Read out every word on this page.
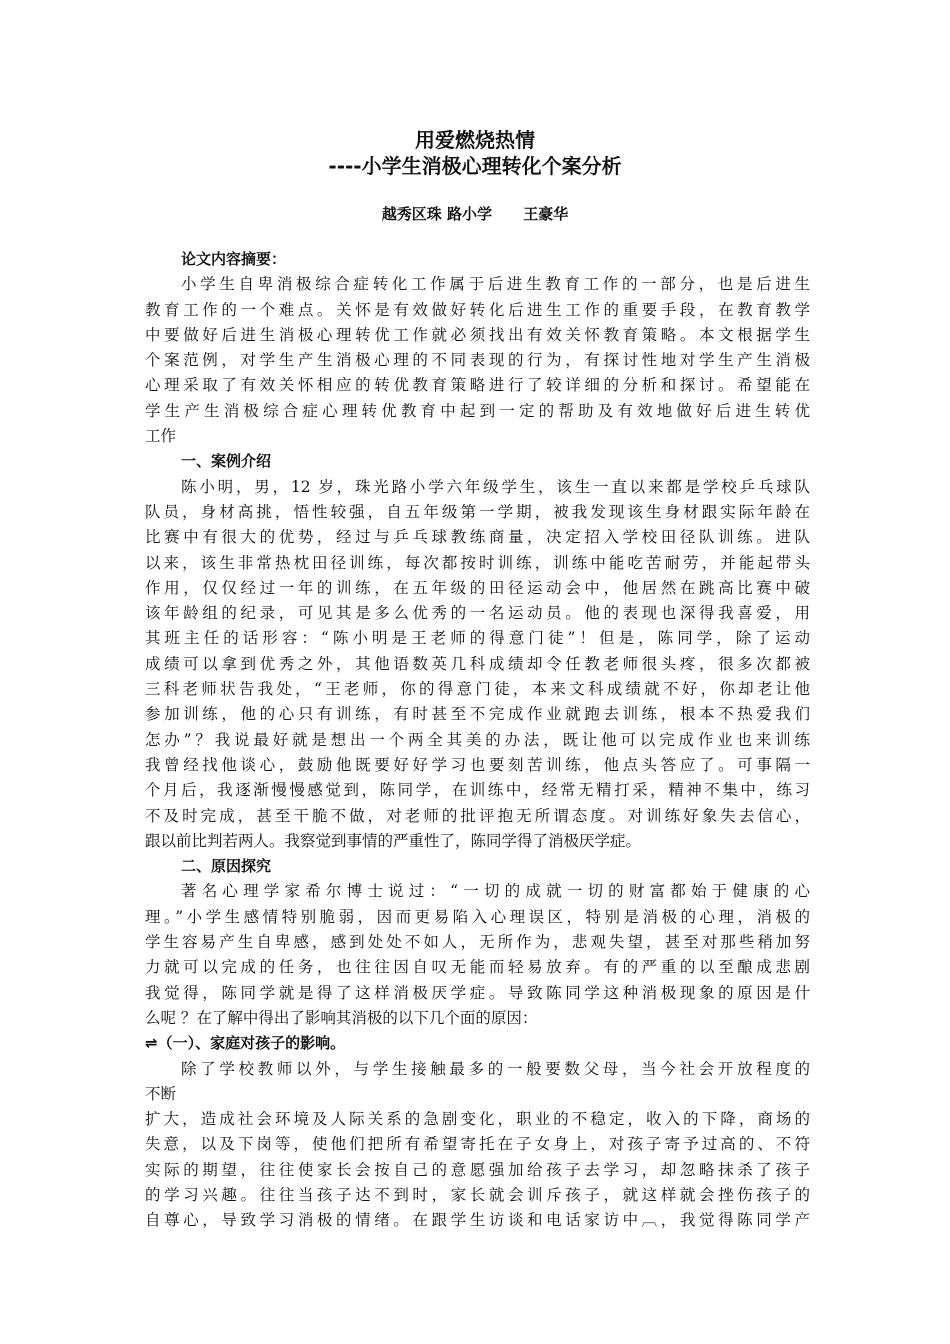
用爱燃烧热情
----小学生消极心理转化个案分析
越秀区珠 路小学      王豪华
论文内容摘要：
小学生自卑消极综合症转化工作属于后进生教育工作的一部分，也是后进生
教育工作的一个难点。关怀是有效做好转化后进生工作的重要手段，在教育教学
中要做好后进生消极心理转优工作就必须找出有效关怀教育策略。本文根据学生
个案范例，对学生产生消极心理的不同表现的行为，有探讨性地对学生产生消极
心理采取了有效关怀相应的转优教育策略进行了较详细的分析和探讨。希望能在
学生产生消极综合症心理转优教育中起到一定的帮助及有效地做好后进生转优
工作
一、案例介绍
陈小明，男，12 岁，珠光路小学六年级学生，该生一直以来都是学校乒乓球队
队员，身材高挑，悟性较强，自五年级第一学期，被我发现该生身材跟实际年龄在
比赛中有很大的优势，经过与乒乓球教练商量，决定招入学校田径队训练。进队
以来，该生非常热枕田径训练，每次都按时训练，训练中能吃苦耐劳，并能起带头
作用，仅仅经过一年的训练，在五年级的田径运动会中，他居然在跳高比赛中破
该年龄组的纪录，可见其是多么优秀的一名运动员。他的表现也深得我喜爱，用
其班主任的话形容：“陈小明是王老师的得意门徒”！但是，陈同学，除了运动
成绩可以拿到优秀之外，其他语数英几科成绩却令任教老师很头疼，很多次都被
三科老师状告我处，“王老师，你的得意门徒，本来文科成绩就不好，你却老让他
参加训练，他的心只有训练，有时甚至不完成作业就跑去训练，根本不热爱我们
怎办”？我说最好就是想出一个两全其美的办法，既让他可以完成作业也来训练
我曾经找他谈心，鼓励他既要好好学习也要刻苦训练，他点头答应了。可事隔一
个月后，我逐渐慢慢感觉到，陈同学，在训练中，经常无精打采，精神不集中，练习
不及时完成，甚至干脆不做，对老师的批评抱无所谓态度。对训练好象失去信心，
跟以前比判若两人。我察觉到事情的严重性了，陈同学得了消极厌学症。
二、原因探究
著名心理学家希尔博士说过：“一切的成就一切的财富都始于健康的心
理。”小学生感情特别脆弱，因而更易陷入心理误区，特别是消极的心理，消极的
学生容易产生自卑感，感到处处不如人，无所作为，悲观失望，甚至对那些稍加努
力就可以完成的任务，也往往因自叹无能而轻易放弃。有的严重的以至酿成悲剧
我觉得，陈同学就是得了这样消极厌学症。导致陈同学这种消极现象的原因是什
么呢 ？在了解中得出了影响其消极的以下几个面的原因：
⇌（一）、家庭对孩子的影响。
除了学校教师以外，与学生接触最多的一般要数父母，当今社会开放程度的
不断
扩大，造成社会环境及人际关系的急剧变化，职业的不稳定，收入的下降，商场的
失意，以及下岗等，使他们把所有希望寄托在子女身上，对孩子寄予过高的、不符
实际的期望，往往使家长会按自己的意愿强加给孩子去学习，却忽略抹杀了孩子
的学习兴趣。往往当孩子达不到时，家长就会训斥孩子，就这样就会挫伤孩子的
自尊心，导致学习消极的情绪。在跟学生访谈和电话家访中︹，我觉得陈同学产
